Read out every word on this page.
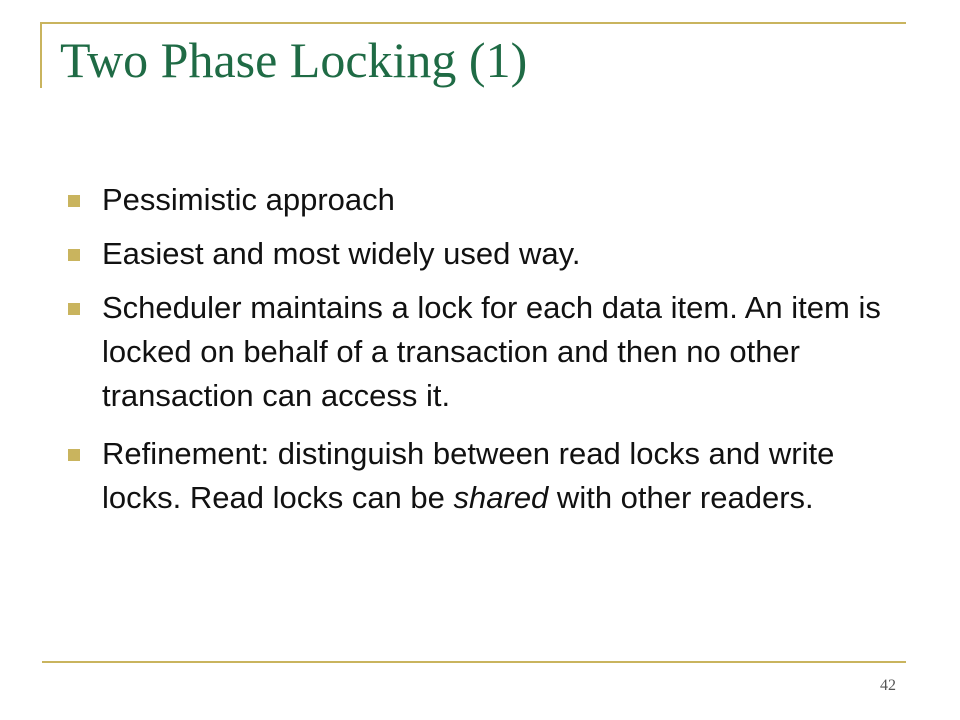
Two Phase Locking (1)
Pessimistic approach
Easiest and most widely used way.
Scheduler maintains a lock for each data item. An item is locked on behalf of a transaction and then no other transaction can access it.
Refinement: distinguish between read locks and write locks. Read locks can be shared with other readers.
42
